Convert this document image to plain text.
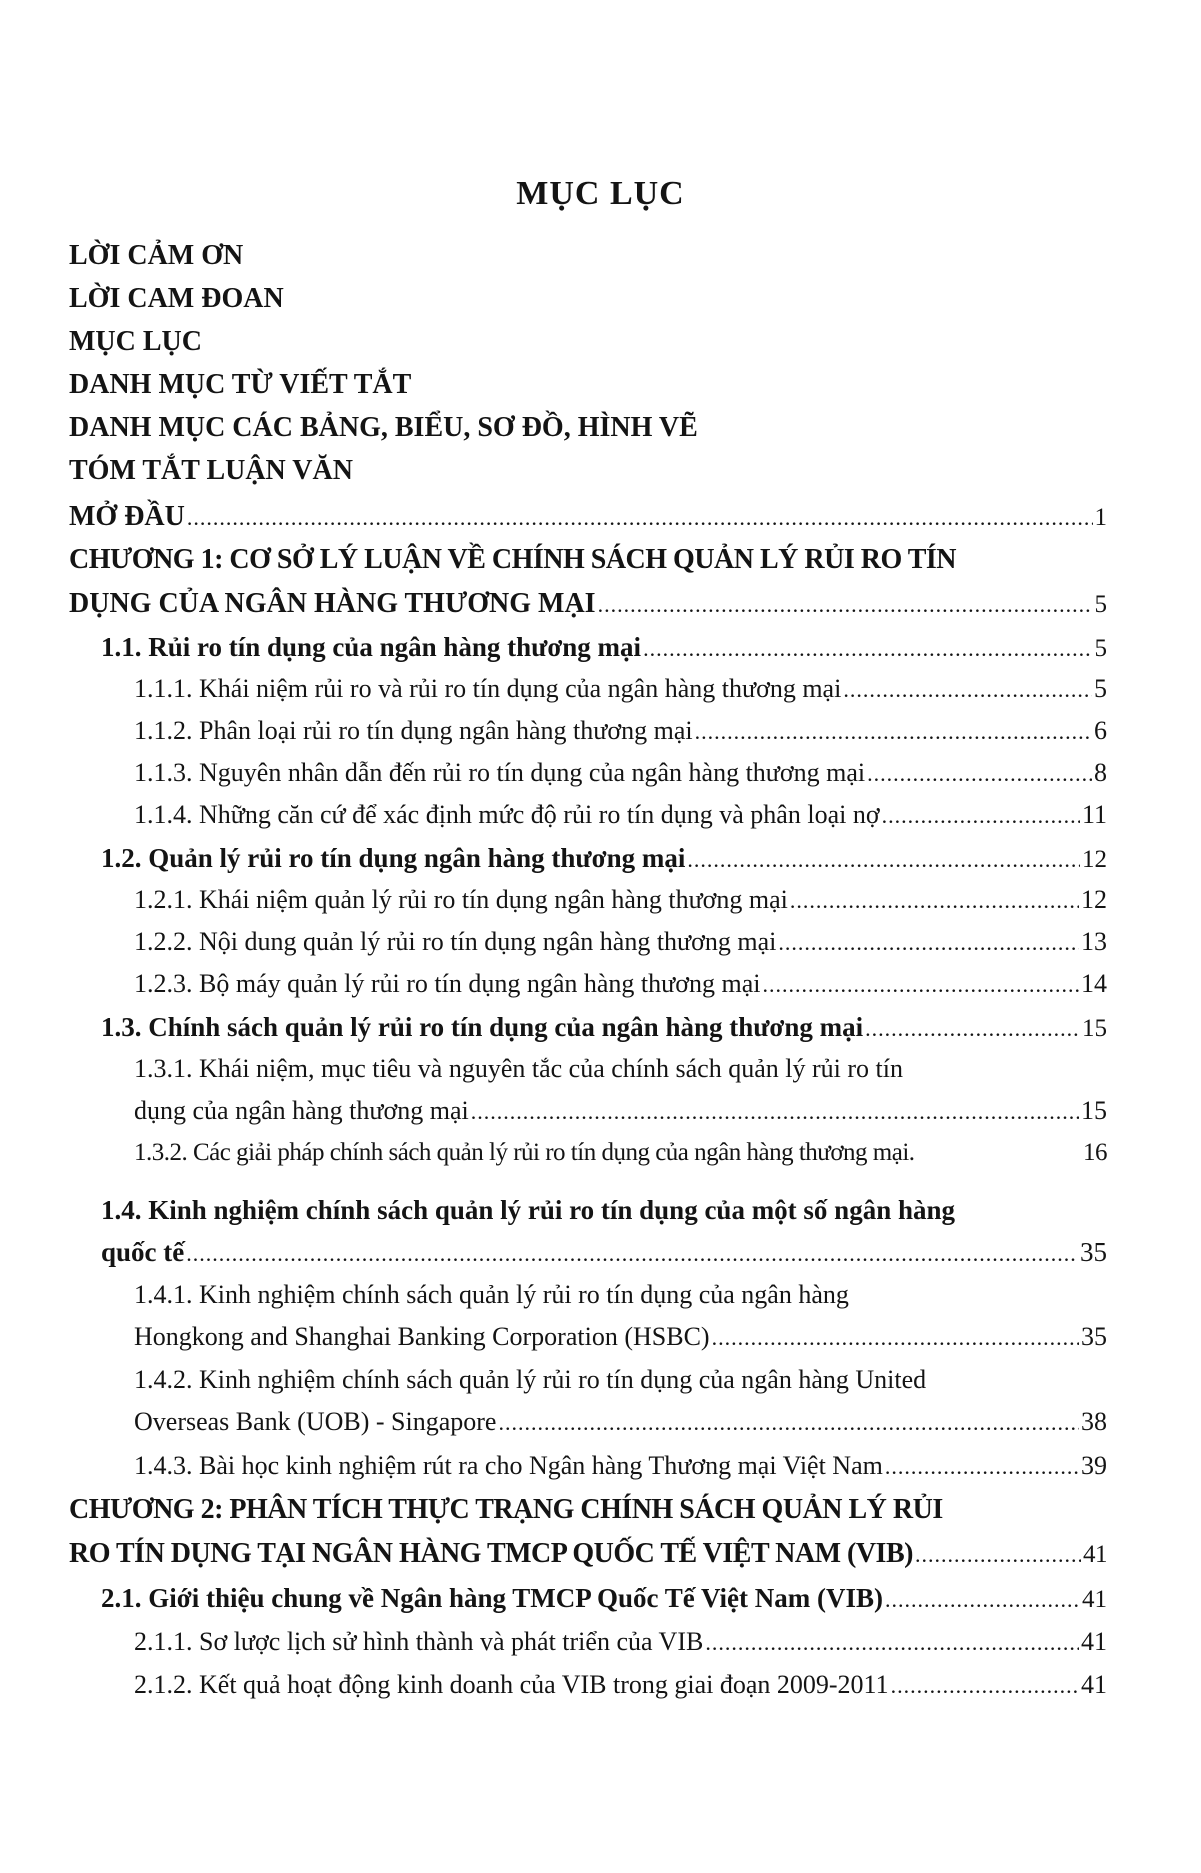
MỤC LỤC
LỜI CẢM ƠN
LỜI CAM ĐOAN
MỤC LỤC
DANH MỤC TỪ VIẾT TẮT
DANH MỤC CÁC BẢNG, BIỂU, SƠ ĐỒ, HÌNH VẼ
TÓM TẮT LUẬN VĂN
MỞ ĐẦU .....	1
CHƯƠNG 1: CƠ SỞ LÝ LUẬN VỀ CHÍNH SÁCH QUẢN LÝ RỦI RO TÍN
DỤNG CỦA NGÂN HÀNG THƯƠNG MẠI .....	5
1.1. Rủi ro tín dụng của ngân hàng thương mại .....	5
1.1.1. Khái niệm rủi ro và rủi ro tín dụng của ngân hàng thương mại .....	5
1.1.2. Phân loại rủi ro tín dụng ngân hàng thương mại .....	6
1.1.3. Nguyên nhân dẫn đến rủi ro tín dụng của ngân hàng thương mại .....	8
1.1.4. Những căn cứ để xác định mức độ rủi ro tín dụng và phân loại nợ .....	11
1.2. Quản lý rủi ro tín dụng ngân hàng thương mại .....	12
1.2.1. Khái niệm quản lý rủi ro tín dụng ngân hàng thương mại .....	12
1.2.2. Nội dung quản lý rủi ro tín dụng ngân hàng thương mại .....	13
1.2.3. Bộ máy quản lý rủi ro tín dụng ngân hàng thương mại .....	14
1.3. Chính sách quản lý rủi ro tín dụng của ngân hàng thương mại .....	15
1.3.1. Khái niệm, mục tiêu và nguyên tắc của chính sách quản lý rủi ro tín
dụng của ngân hàng thương mại .....	15
1.3.2. Các giải pháp chính sách quản lý rủi ro tín dụng của ngân hàng thương mại.	16
1.4. Kinh nghiệm chính sách quản lý rủi ro tín dụng của một số ngân hàng
quốc tế .....	35
1.4.1. Kinh nghiệm chính sách quản lý rủi ro tín dụng của ngân hàng
Hongkong and Shanghai Banking Corporation (HSBC) .....	35
1.4.2. Kinh nghiệm chính sách quản lý rủi ro tín dụng của ngân hàng United
Overseas Bank (UOB) - Singapore .....	38
1.4.3. Bài học kinh nghiệm rút ra cho Ngân hàng Thương mại Việt Nam .....	39
CHƯƠNG 2: PHÂN TÍCH THỰC TRẠNG CHÍNH SÁCH QUẢN LÝ RỦI
RO TÍN DỤNG TẠI NGÂN HÀNG TMCP QUỐC TẾ VIỆT NAM (VIB) .....	41
2.1. Giới thiệu chung về Ngân hàng TMCP Quốc Tế Việt Nam (VIB) .....	41
2.1.1. Sơ lược lịch sử hình thành và phát triển của VIB .....	41
2.1.2. Kết quả hoạt động kinh doanh của VIB trong giai đoạn 2009-2011 .....	41
